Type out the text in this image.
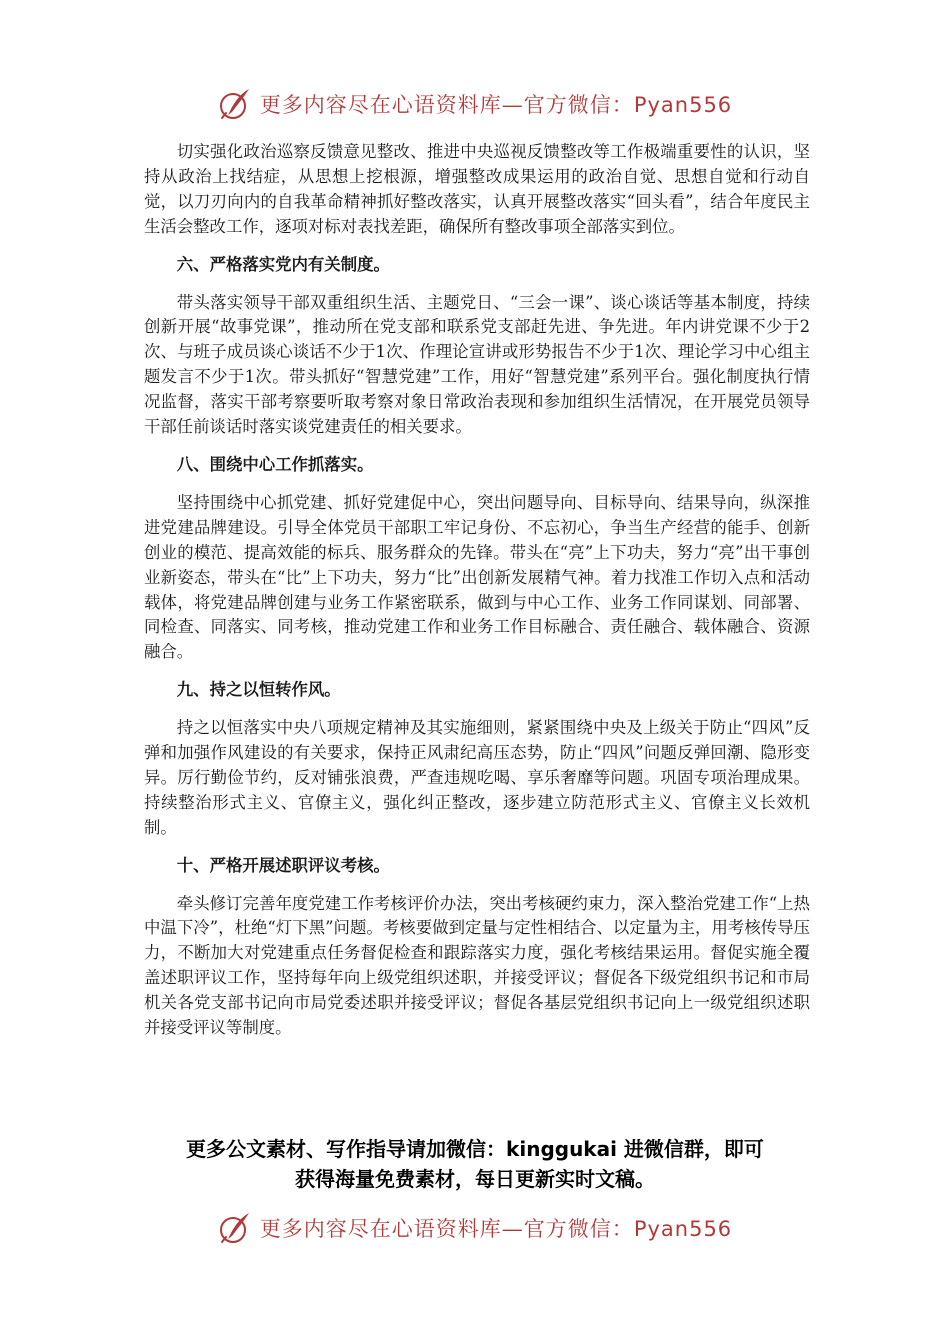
更多内容尽在心语资料库—官方微信：Pyan556

切实强化政治巡察反馈意见整改、推进中央巡视反馈整改等工作极端重要性的认识，坚持从政治上找结症，从思想上挖根源，增强整改成果运用的政治自觉、思想自觉和行动自觉，以刀刃向内的自我革命精神抓好整改落实，认真开展整改落实“回头看”，结合年度民主生活会整改工作，逐项对标对表找差距，确保所有整改事项全部落实到位。

六、严格落实党内有关制度。

带头落实领导干部双重组织生活、主题党日、“三会一课”、谈心谈话等基本制度，持续创新开展“故事党课”，推动所在党支部和联系党支部赶先进、争先进。年内讲党课不少于2次、与班子成员谈心谈话不少于1次、作理论宣讲或形势报告不少于1次、理论学习中心组主题发言不少于1次。带头抓好“智慧党建”工作，用好“智慧党建”系列平台。强化制度执行情况监督，落实干部考察要听取考察对象日常政治表现和参加组织生活情况，在开展党员领导干部任前谈话时落实谈党建责任的相关要求。

八、围绕中心工作抓落实。

坚持围绕中心抓党建、抓好党建促中心，突出问题导向、目标导向、结果导向，纵深推进党建品牌建设。引导全体党员干部职工牢记身份、不忘初心，争当生产经营的能手、创新创业的模范、提高效能的标兵、服务群众的先锋。带头在“亮”上下功夫，努力“亮”出干事创业新姿态，带头在“比”上下功夫，努力“比”出创新发展精气神。着力找准工作切入点和活动载体，将党建品牌创建与业务工作紧密联系，做到与中心工作、业务工作同谋划、同部署、同检查、同落实、同考核，推动党建工作和业务工作目标融合、责任融合、载体融合、资源融合。

九、持之以恒转作风。

持之以恒落实中央八项规定精神及其实施细则，紧紧围绕中央及上级关于防止“四风”反弹和加强作风建设的有关要求，保持正风肃纪高压态势，防止“四风”问题反弹回潮、隐形变异。厉行勤俭节约，反对铺张浪费，严查违规吃喝、享乐奢靡等问题。巩固专项治理成果。持续整治形式主义、官僚主义，强化纠正整改，逐步建立防范形式主义、官僚主义长效机制。

十、严格开展述职评议考核。

牵头修订完善年度党建工作考核评价办法，突出考核硬约束力，深入整治党建工作“上热中温下冷”，杜绝“灯下黑”问题。考核要做到定量与定性相结合、以定量为主，用考核传导压力，不断加大对党建重点任务督促检查和跟踪落实力度，强化考核结果运用。督促实施全覆盖述职评议工作，坚持每年向上级党组织述职，并接受评议；督促各下级党组织书记和市局机关各党支部书记向市局党委述职并接受评议；督促各基层党组织书记向上一级党组织述职并接受评议等制度。

更多公文素材、写作指导请加微信：kinggukai 进微信群，即可
获得海量免费素材，每日更新实时文稿。
更多内容尽在心语资料库—官方微信：Pyan556
